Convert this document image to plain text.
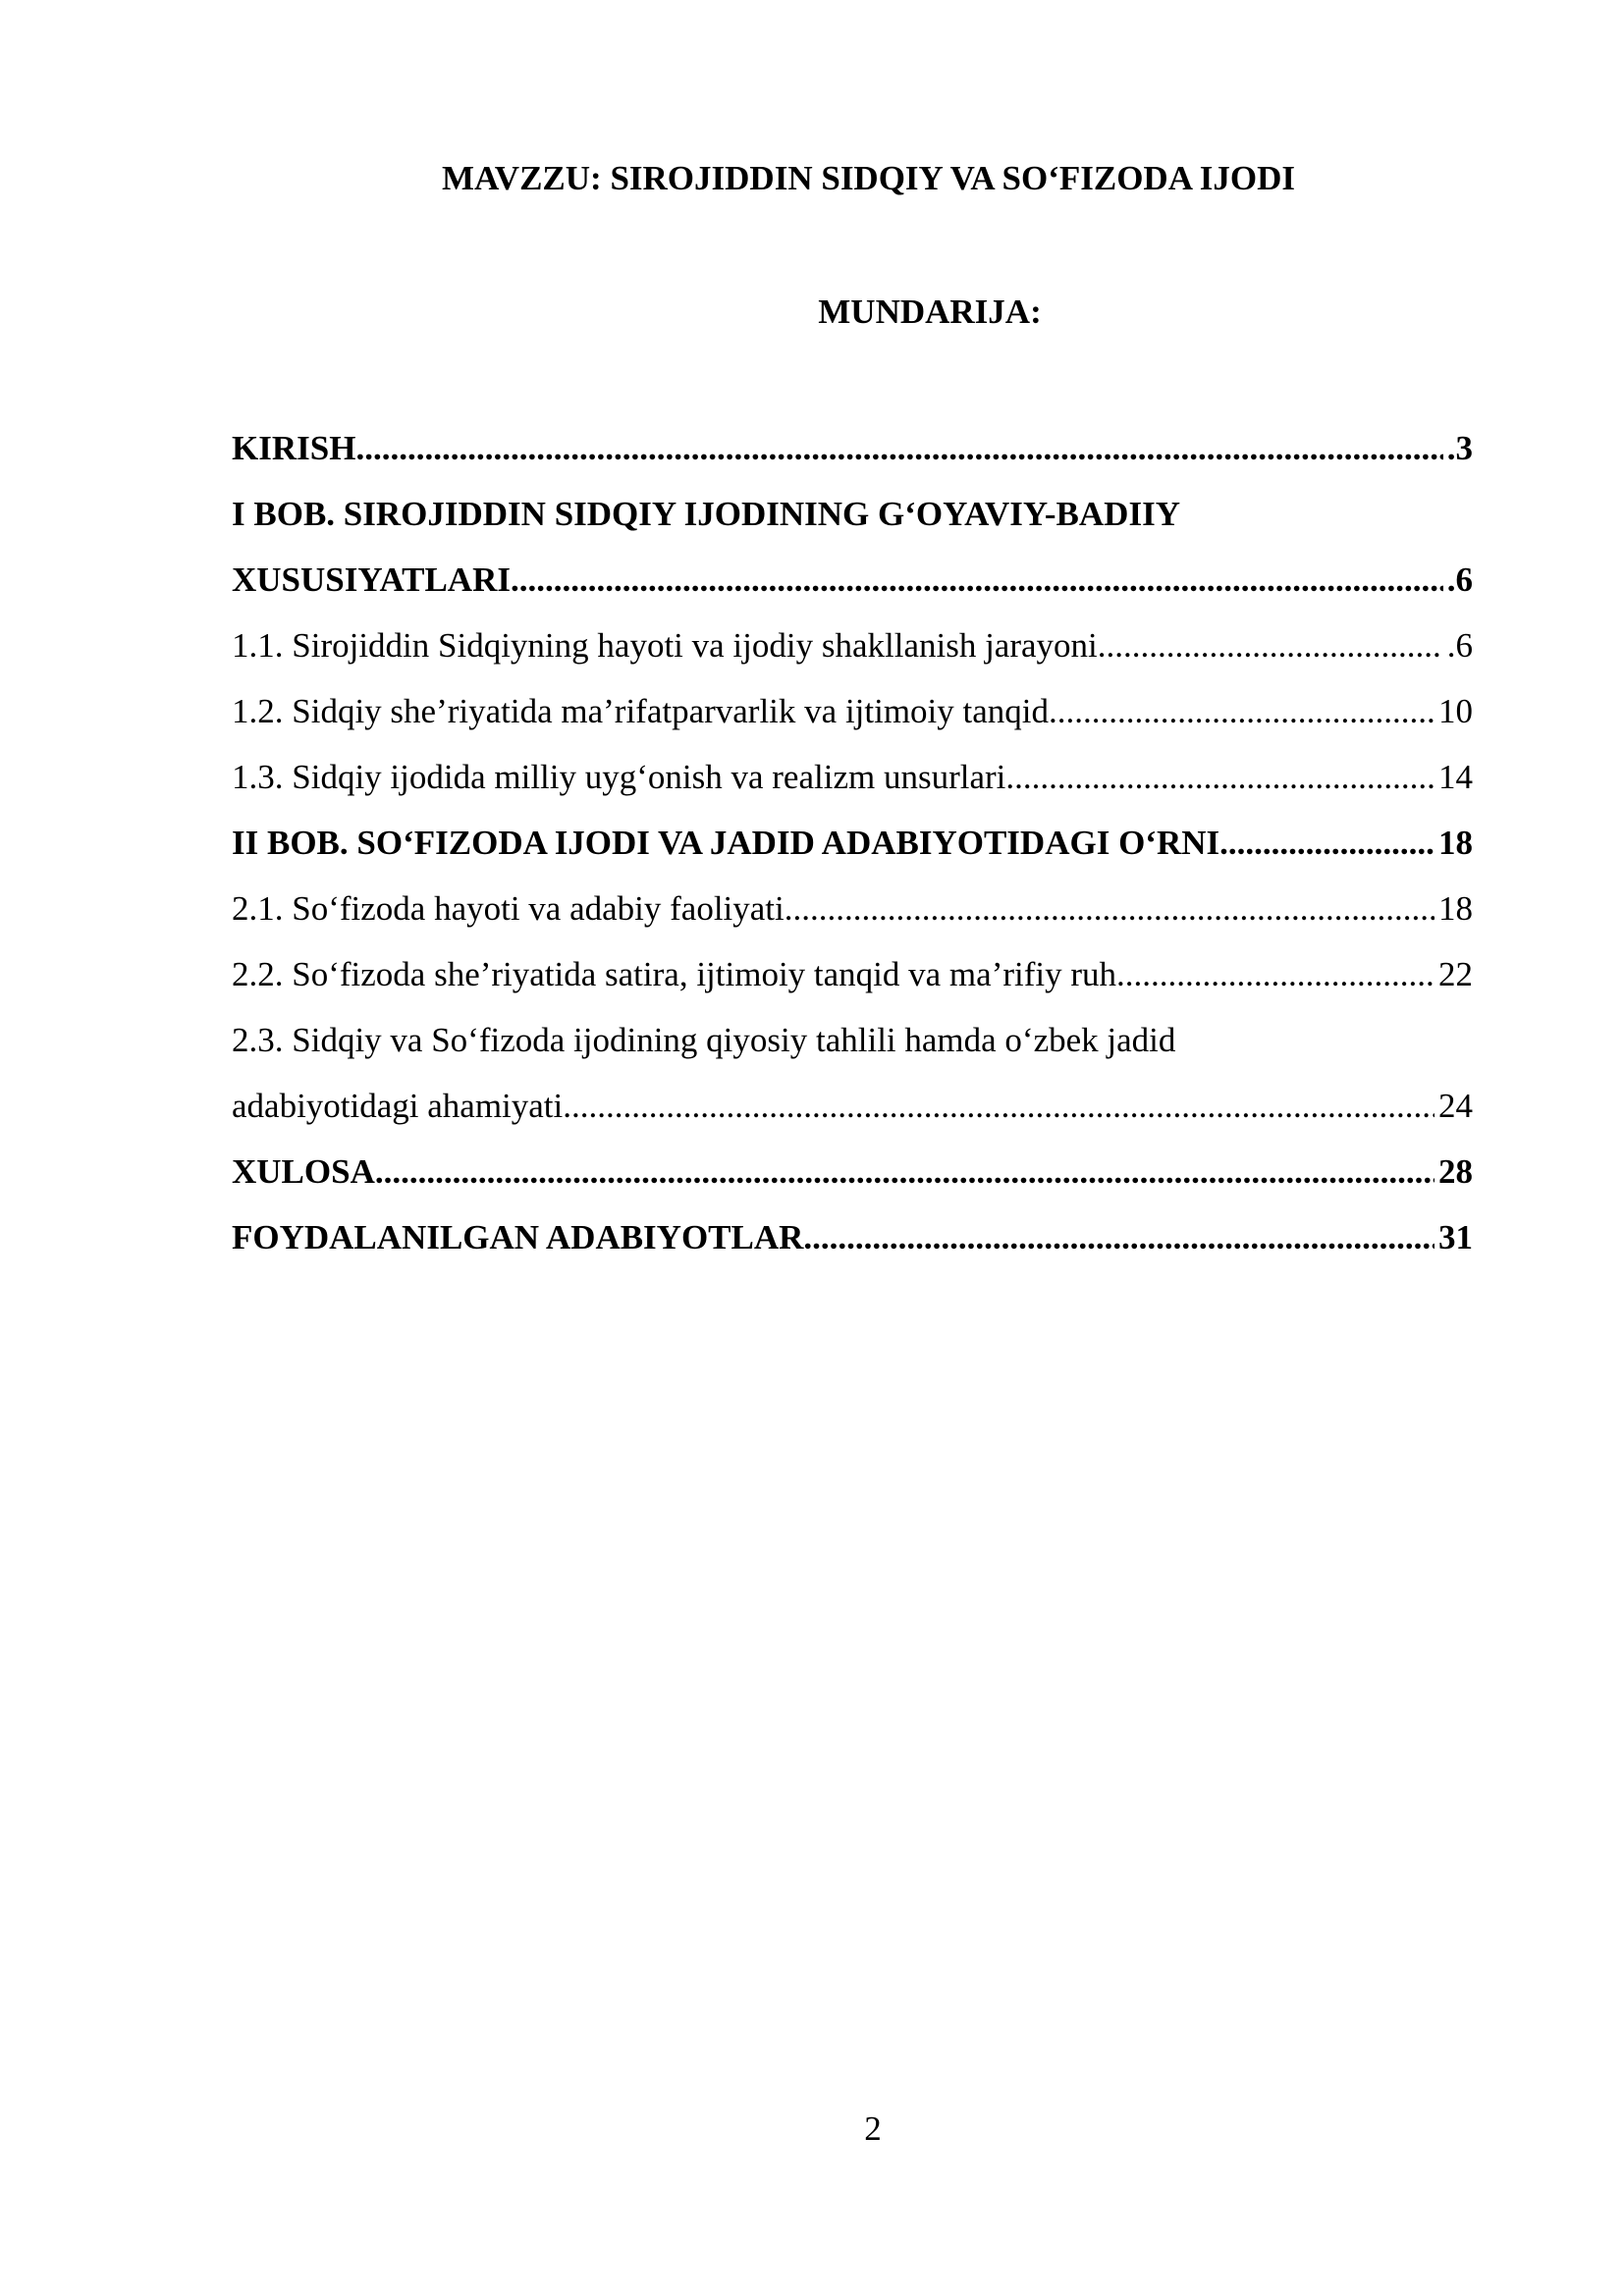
MAVZZU: SIROJIDDIN SIDQIY VA SO‘FIZODA IJODI
MUNDARIJA:
KIRISH .....	.3
I BOB. SIROJIDDIN SIDQIY IJODINING G‘OYAVIY-BADIIY
XUSUSIYATLARI .....	.6
1.1. Sirojiddin Sidqiyning hayoti va ijodiy shakllanish jarayoni .....	.6
1.2. Sidqiy she’riyatida ma’rifatparvarlik va ijtimoiy tanqid .....	10
1.3. Sidqiy ijodida milliy uyg‘onish va realizm unsurlari .....	14
II BOB. SO‘FIZODA IJODI VA JADID ADABIYOTIDAGI O‘RNI .....	18
2.1. So‘fizoda hayoti va adabiy faoliyati .....	18
2.2. So‘fizoda she’riyatida satira, ijtimoiy tanqid va ma’rifiy ruh .....	22
2.3. Sidqiy va So‘fizoda ijodining qiyosiy tahlili hamda o‘zbek jadid
adabiyotidagi ahamiyati .....	24
XULOSA .....	28
FOYDALANILGAN ADABIYOTLAR .....	31
2
